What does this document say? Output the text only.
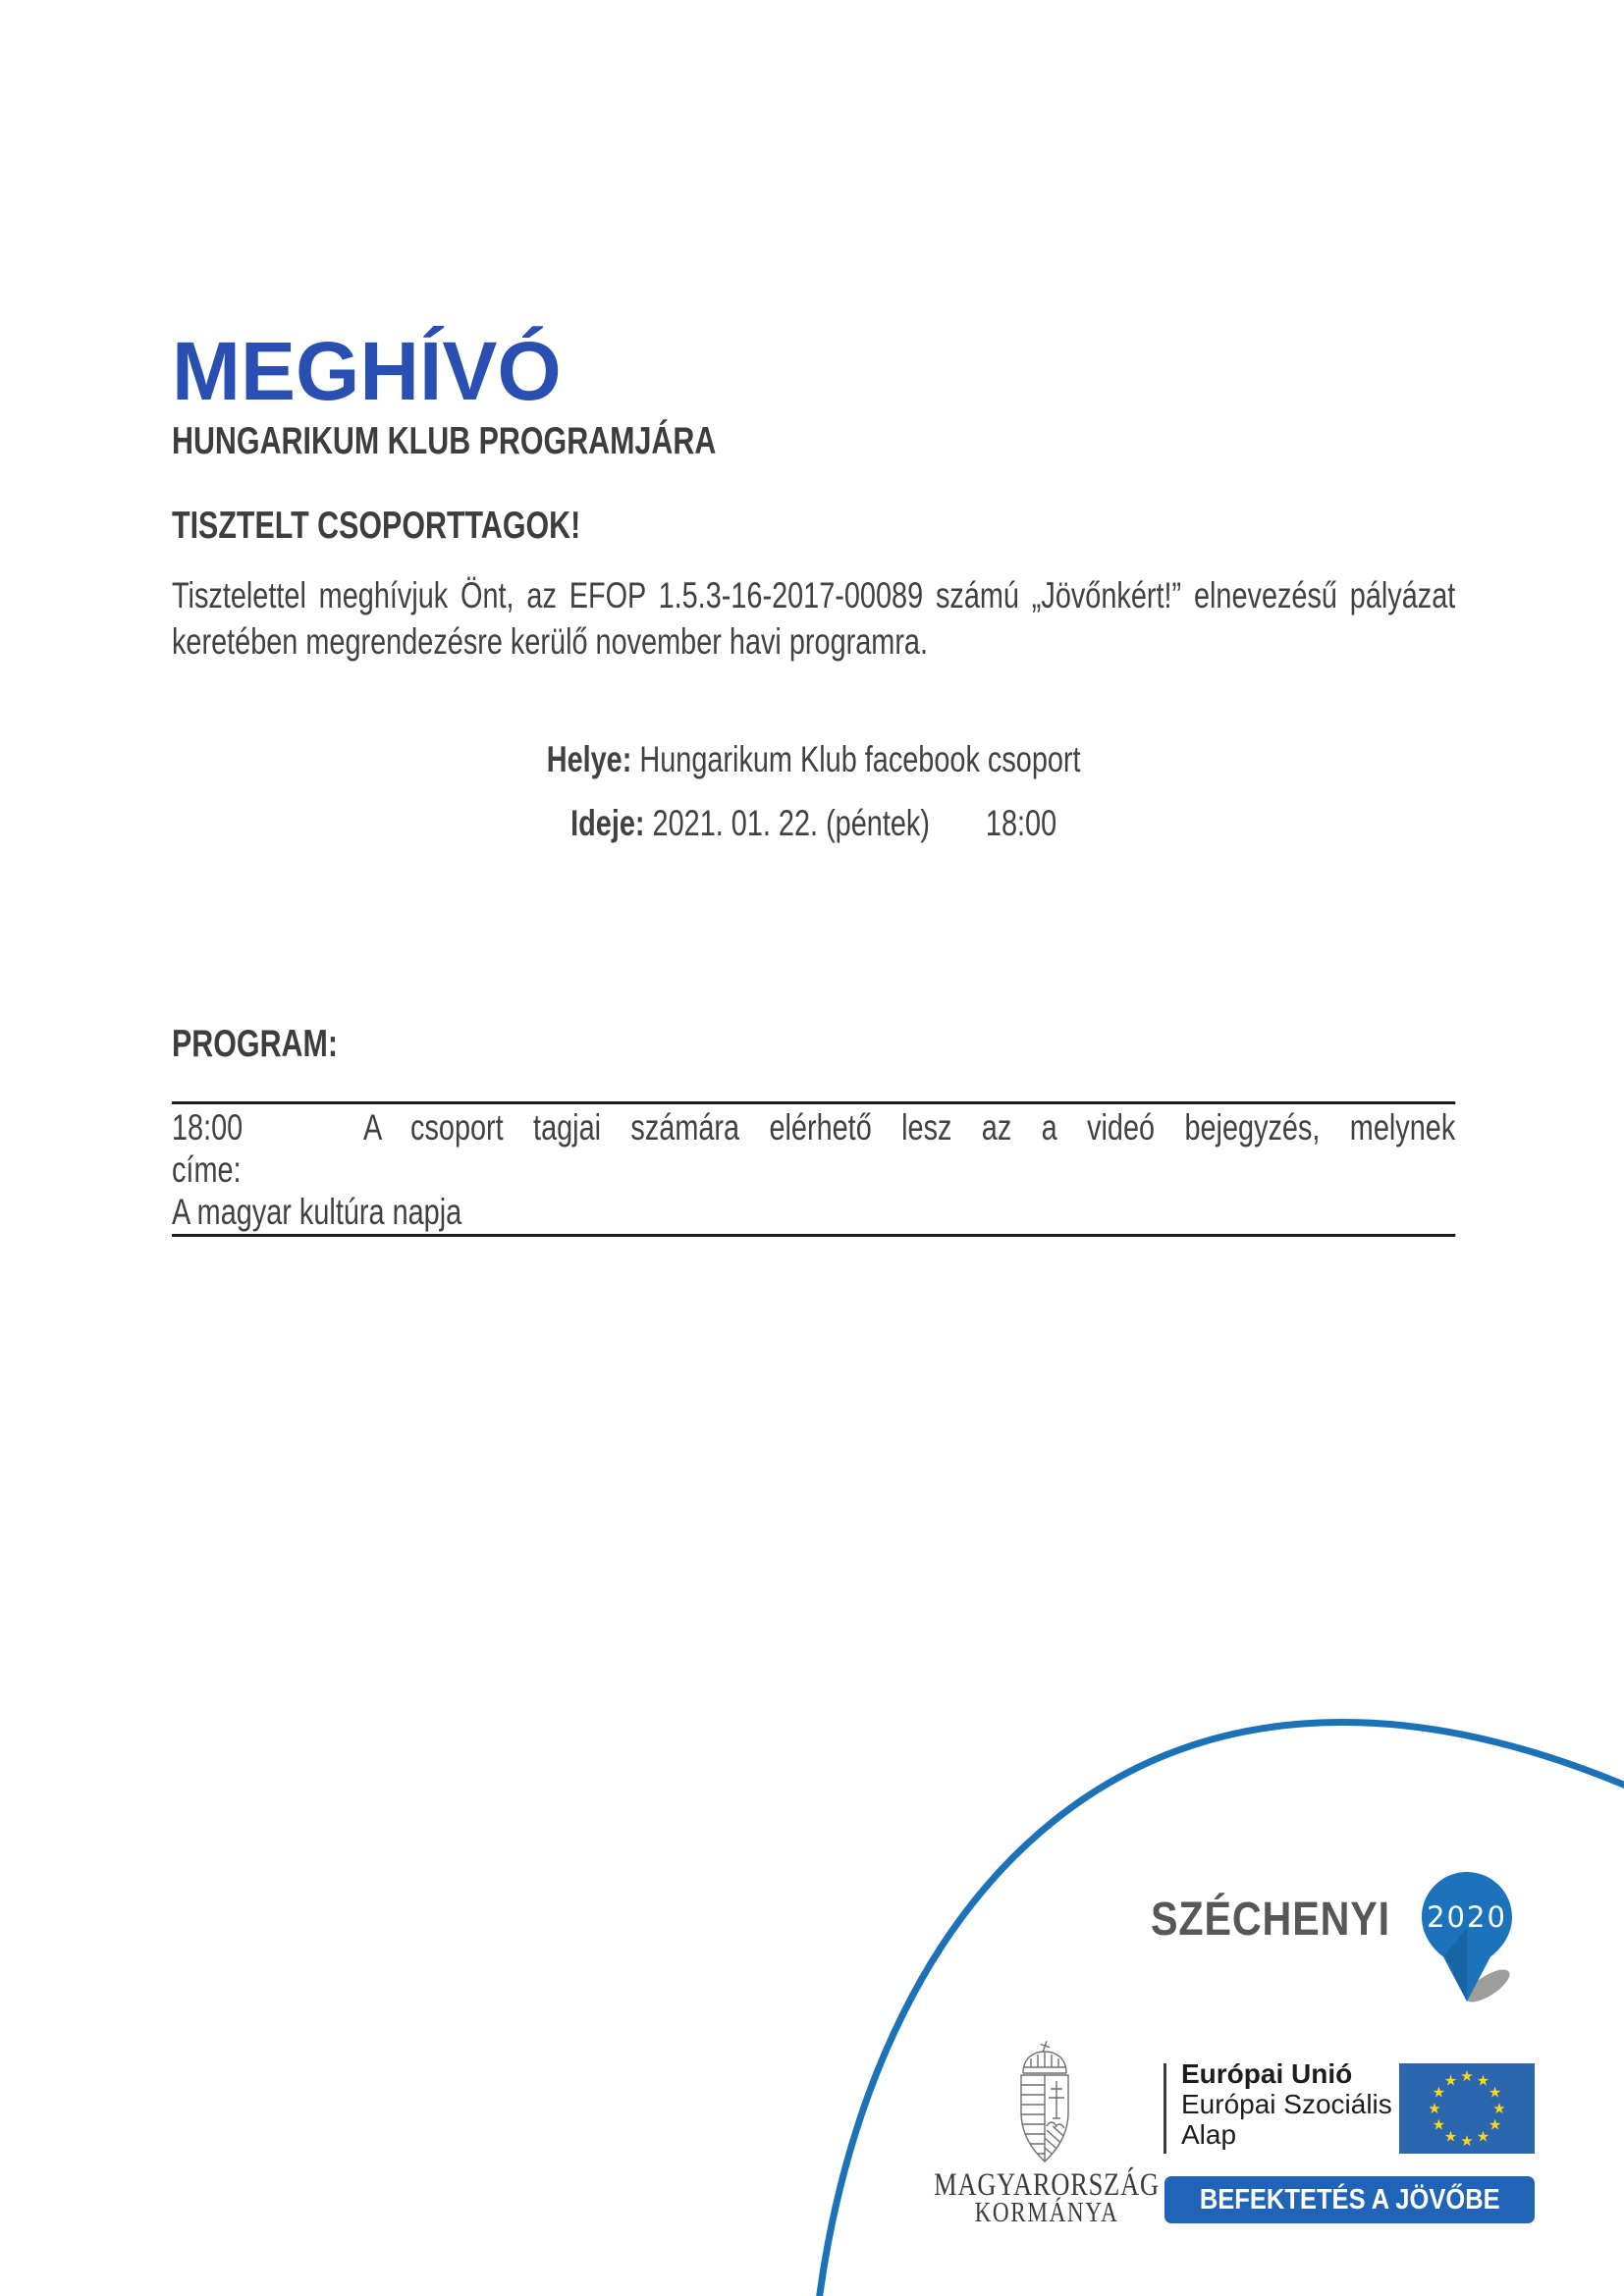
MEGHÍVÓ
HUNGARIKUM KLUB PROGRAMJÁRA
TISZTELT CSOPORTTAGOK!
Tisztelettel meghívjuk Önt, az EFOP 1.5.3-16-2017-00089 számú „Jövőnkért!” elnevezésű pályázat
keretében megrendezésre kerülő november havi programra.
Helye: Hungarikum Klub facebook csoport
Ideje: 2021. 01. 22. (péntek) 18:00
PROGRAM:
18:00	A csoport tagjai számára elérhető lesz az a videó bejegyzés, melynek
címe:
A magyar kultúra napja
SZÉCHENYI 2020
MAGYARORSZÁG
KORMÁNYA
Európai Unió
Európai Szociális
Alap
★ ★
★
★
★
★
★
★
★
★
★
★
BEFEKTETÉS A JÖVŐBE
